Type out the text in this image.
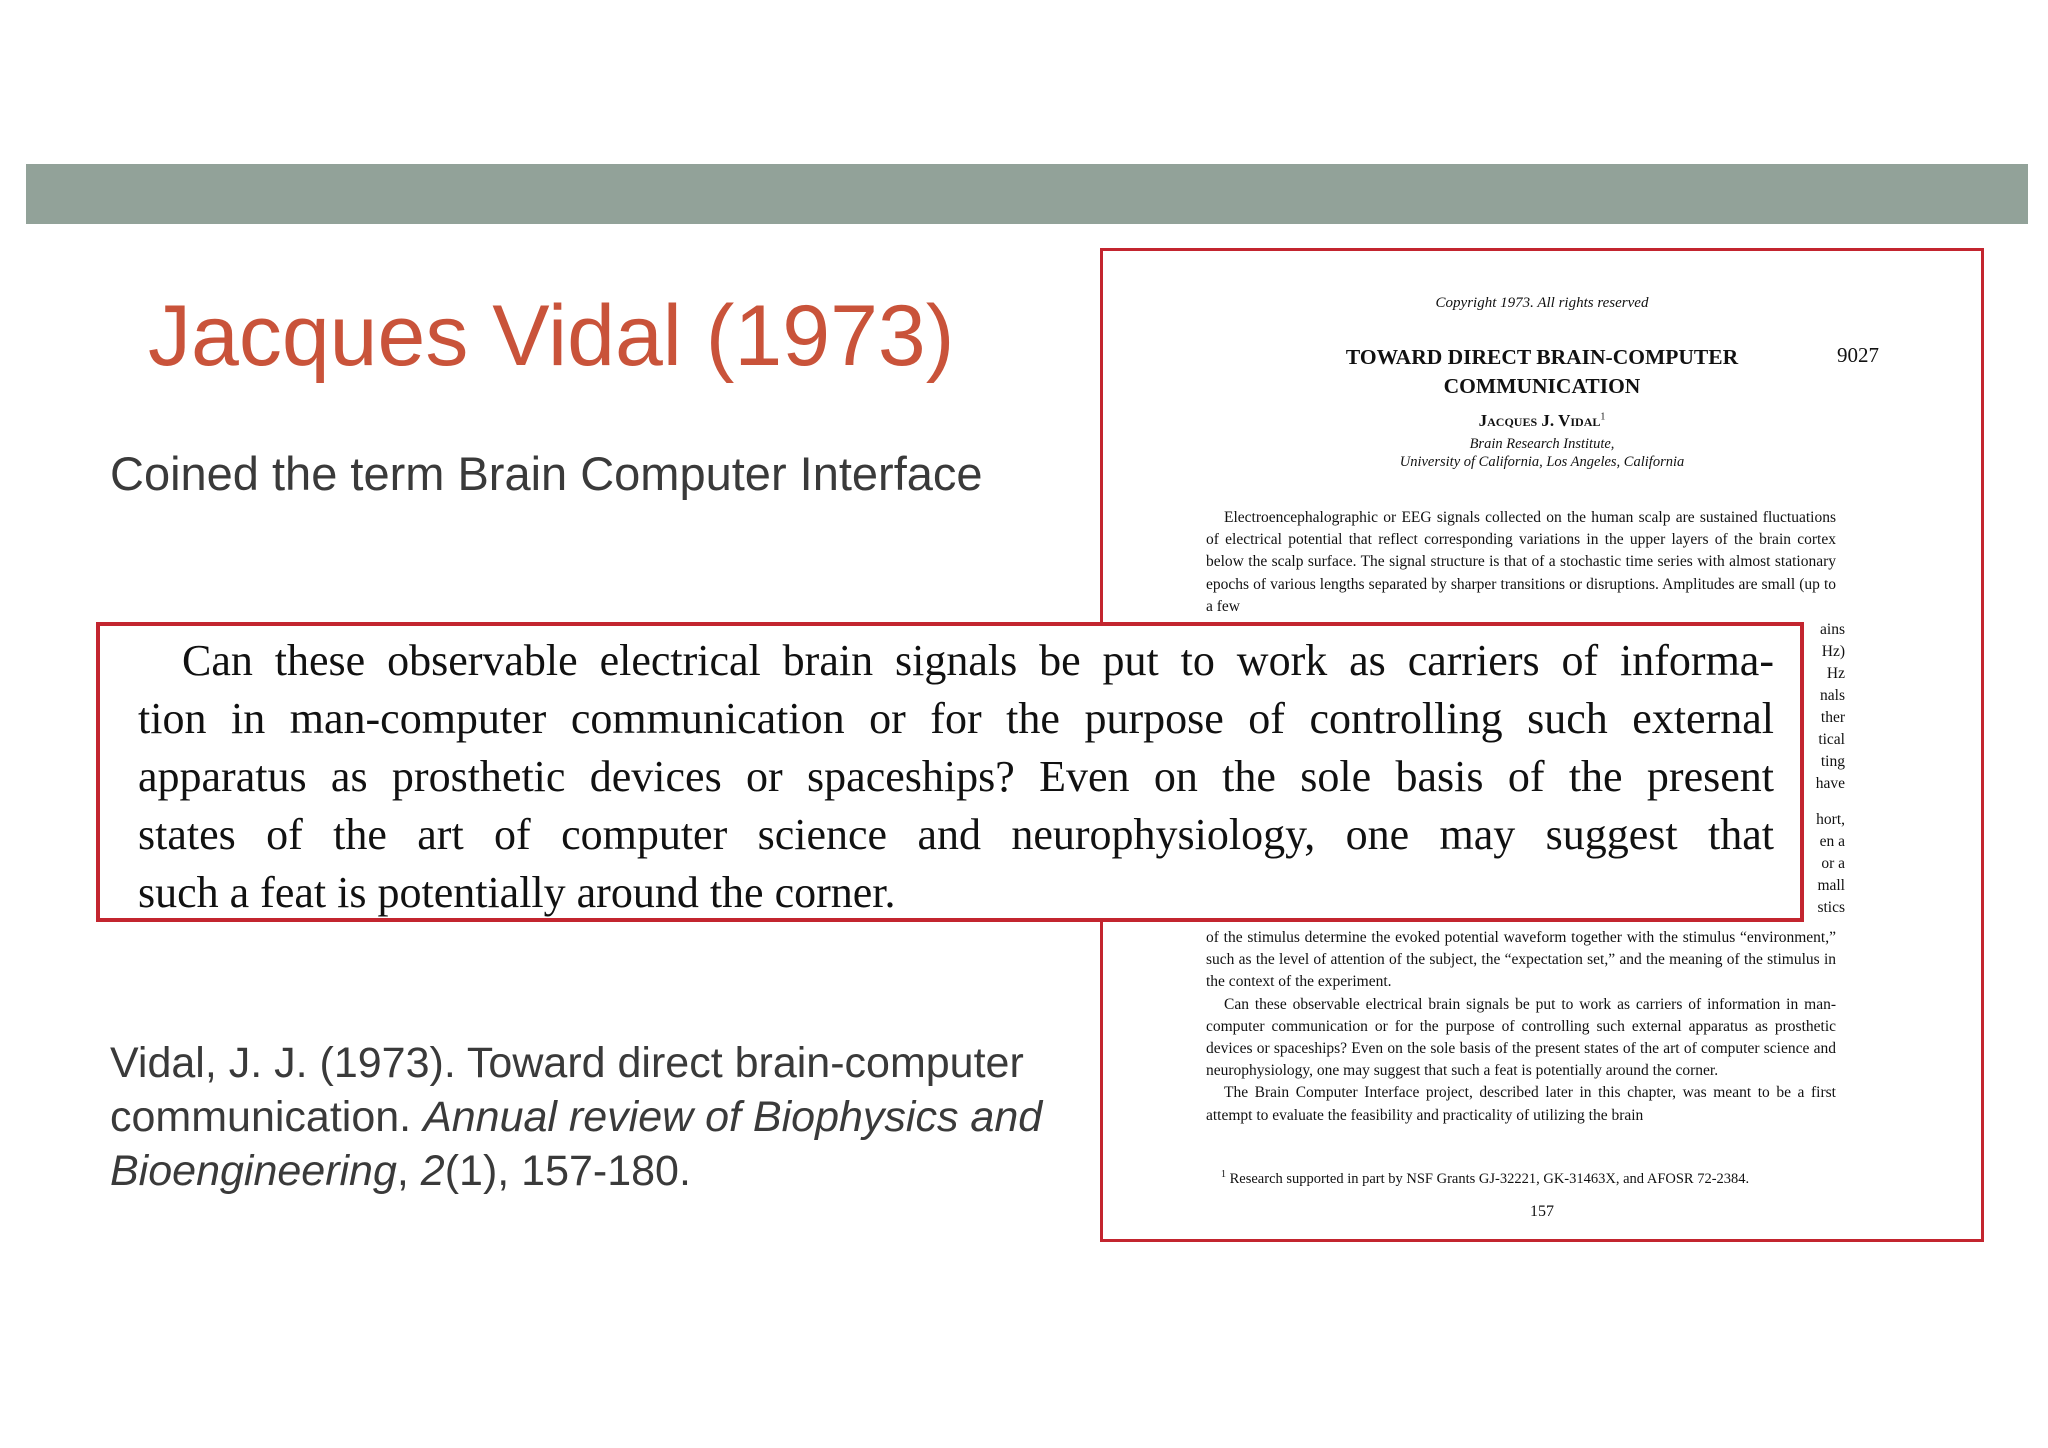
Jacques Vidal (1973)

Coined the term Brain Computer Interface

Vidal, J. J. (1973). Toward direct brain-computer communication. Annual review of Biophysics and Bioengineering, 2(1), 157-180.

Copyright 1973. All rights reserved

TOWARD DIRECT BRAIN-COMPUTER
COMMUNICATION

9027

Jacques J. Vidal$^1$

Brain Research Institute,
University of California, Los Angeles, California

Electroencephalographic or EEG signals collected on the human scalp are sustained fluctuations of electrical potential that reflect corresponding variations in the upper layers of the brain cortex below the scalp surface. The signal structure is that of a stochastic time series with almost stationary epochs of various lengths separated by sharper transitions or disruptions. Amplitudes are small (up to a few

ains

Hz)

Hz

nals

ther

tical

ting

have

hort,

en a

or a

mall

stics

of the stimulus determine the evoked potential waveform together with the stimulus “environment,” such as the level of attention of the subject, the “expectation set,” and the meaning of the stimulus in the context of the experiment.
Can these observable electrical brain signals be put to work as carriers of information in man-computer communication or for the purpose of controlling such external apparatus as prosthetic devices or spaceships? Even on the sole basis of the present states of the art of computer science and neurophysiology, one may suggest that such a feat is potentially around the corner.
The Brain Computer Interface project, described later in this chapter, was meant to be a first attempt to evaluate the feasibility and practicality of utilizing the brain

$^1$ Research supported in part by NSF Grants GJ-32221, GK-31463X, and AFOSR 72-2384.

157

Can these observable electrical brain signals be put to work as carriers of informa-
tion in man-computer communication or for the purpose of controlling such external
apparatus as prosthetic devices or spaceships? Even on the sole basis of the present
states of the art of computer science and neurophysiology, one may suggest that
such a feat is potentially around the corner.
